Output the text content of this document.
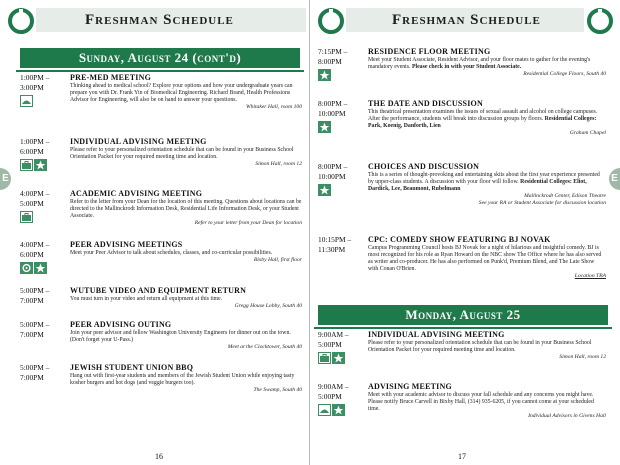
Freshman Schedule	Freshman Schedule
E	E
Sunday, August 24 (cont'd)
1:00PM –
3:00PM
PRE-MED MEETING
Thinking ahead to medical school? Explore your options and how your undergraduate years can prepare you with Dr. Frank Yin of Biomedical Engineering. Richard Brand, Health Professions Advisor for Engineering, will also be on hand to answer your questions.
Whitaker Hall, room 100
1:00PM –
6:00PM
INDIVIDUAL ADVISING MEETING
Please refer to your personalized orientation schedule that can be found in your Business School Orientation Packet for your required meeting time and location.
Simon Hall, room 12
4:00PM –
5:00PM
ACADEMIC ADVISING MEETING
Refer to the letter from your Dean for the location of this meeting. Questions about locations can be directed to the Mallinckrodt Information Desk, Residential Life Information Desk, or your Student Associate.
Refer to your letter from your Dean for location
4:00PM –
6:00PM
PEER ADVISING MEETINGS
Meet your Peer Advisor to talk about schedules, classes, and co-curricular possibilities.
Bixby Hall, first floor
5:00PM –
7:00PM
WUTUBE VIDEO AND EQUIPMENT RETURN
You must turn in your video and return all equipment at this time.
Gregg House Lobby, South 40
5:00PM –
7:00PM
PEER ADVISING OUTING
Join your peer advisor and fellow Washington University Engineers for dinner out on the town. (Don't forget your U-Pass.)
Meet at the Clocktower, South 40
5:00PM –
7:00PM
JEWISH STUDENT UNION BBQ
Hang out with first-year students and members of the Jewish Student Union while enjoying tasty kosher burgers and hot dogs (and veggie burgers too).
The Swamp, South 40
7:15PM –
8:00PM
RESIDENCE FLOOR MEETING
Meet your Student Associate, Resident Advisor, and your floor mates to gather for the evening's mandatory events. Please check in with your Student Associate.
Residential College Floors, South 40
8:00PM –
10:00PM
THE DATE AND DISCUSSION
This theatrical presentation examines the issues of sexual assault and alcohol on college campuses. After the performance, students will break into discussion groups by floors. Residential Colleges: Park, Koenig, Danforth, Lien
Graham Chapel
8:00PM –
10:00PM
CHOICES AND DISCUSSION
This is a series of thought-provoking and entertaining skits about the first year experience presented by upper-class students. A discussion with your floor will follow. Residential Colleges: Eliot, Dardick, Lee, Beaumont, Rubelmann
Mallinckrodt Center, Edison Theatre
See your RA or Student Associate for discussion location
10:15PM –
11:30PM
CPC: COMEDY SHOW FEATURING BJ NOVAK
Campus Programming Council hosts BJ Novak for a night of hilarious and insightful comedy. BJ is most recognized for his role as Ryan Howard on the NBC show The Office where he has also served as writer and co-producer. He has also performed on Punk'd, Premium Blend, and The Late Show with Conan O'Brien.
Location TBA
9:00AM –
5:00PM
INDIVIDUAL ADVISING MEETING
Please refer to your personalized orientation schedule that can be found in your Business School Orientation Packet for your required meeting time and location.
Simon Hall, room 12
9:00AM –
5:00PM
ADVISING MEETING
Meet with your academic advisor to discuss your fall schedule and any concerns you might have. Please notify Bruce Carvell in Bixby Hall, (314) 935-6205, if you cannot come at your scheduled time.
Individual Advisors in Givens Hall
Monday, August 25
16	17
